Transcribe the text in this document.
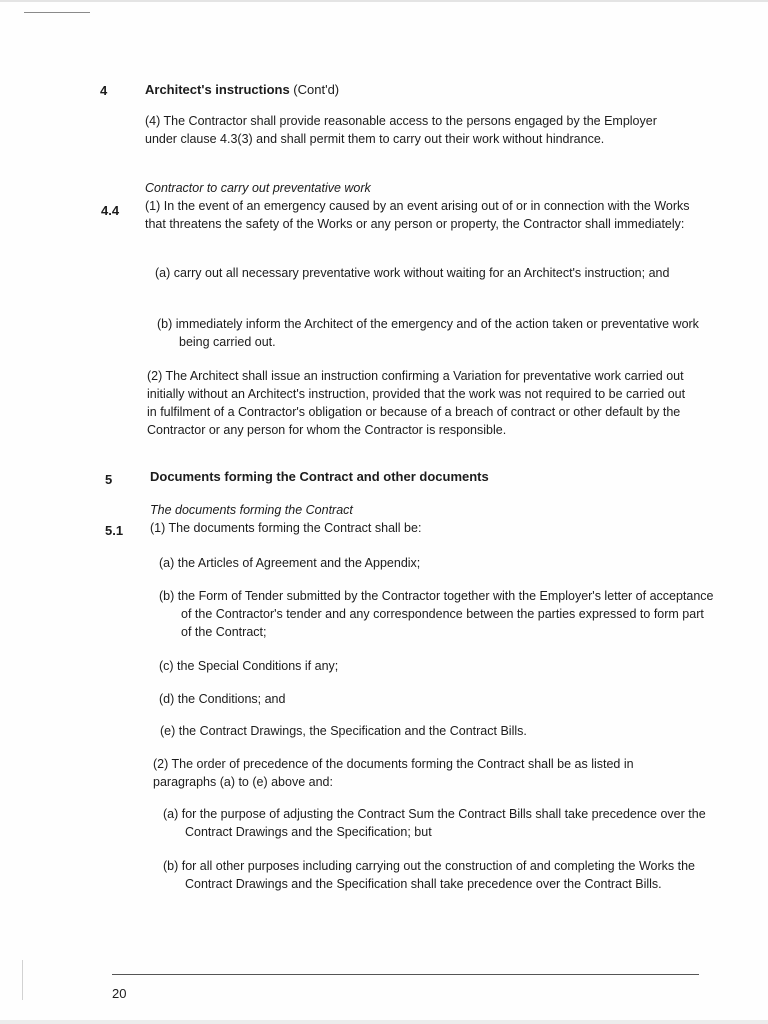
4	Architect's instructions (Cont'd)

(4) The Contractor shall provide reasonable access to the persons engaged by the Employer under clause 4.3(3) and shall permit them to carry out their work without hindrance.

Contractor to carry out preventative work
4.4 (1) In the event of an emergency caused by an event arising out of or in connection with the Works that threatens the safety of the Works or any person or property, the Contractor shall immediately:

(a) carry out all necessary preventative work without waiting for an Architect's instruction; and

(b) immediately inform the Architect of the emergency and of the action taken or preventative work being carried out.

(2) The Architect shall issue an instruction confirming a Variation for preventative work carried out initially without an Architect's instruction, provided that the work was not required to be carried out in fulfilment of a Contractor's obligation or because of a breach of contract or other default by the Contractor or any person for whom the Contractor is responsible.

5	Documents forming the Contract and other documents
The documents forming the Contract
5.1 (1) The documents forming the Contract shall be:

(a) the Articles of Agreement and the Appendix;

(b) the Form of Tender submitted by the Contractor together with the Employer's letter of acceptance of the Contractor's tender and any correspondence between the parties expressed to form part of the Contract;

(c) the Special Conditions if any;

(d) the Conditions; and

(e) the Contract Drawings, the Specification and the Contract Bills.

(2) The order of precedence of the documents forming the Contract shall be as listed in paragraphs (a) to (e) above and:

(a) for the purpose of adjusting the Contract Sum the Contract Bills shall take precedence over the Contract Drawings and the Specification; but

(b) for all other purposes including carrying out the construction of and completing the Works the Contract Drawings and the Specification shall take precedence over the Contract Bills.

20
